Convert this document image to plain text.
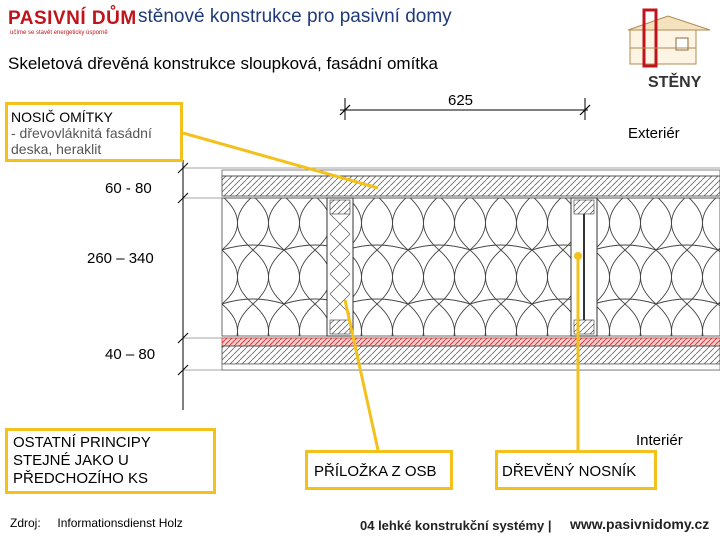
PASIVNÍ DŮM
učíme se stavět energeticky úsporně
stěnové konstrukce pro pasivní domy
Skeletová dřevěná konstrukce sloupková, fasádní omítka
STĚNY
625
Exteriér
Interiér
60 - 80
260 – 340
40 – 80
NOSIČ OMÍTKY
- dřevovláknitá fasádní deska, heraklit
OSTATNÍ PRINCIPY STEJNÉ JAKO U PŘEDCHOZÍHO KS	PŘÍLOŽKA Z OSB	DŘEVĚNÝ NOSNÍK
Zdroj: Informationsdienst Holz	04 lehké konstrukční systémy | www.pasivnidomy.cz
